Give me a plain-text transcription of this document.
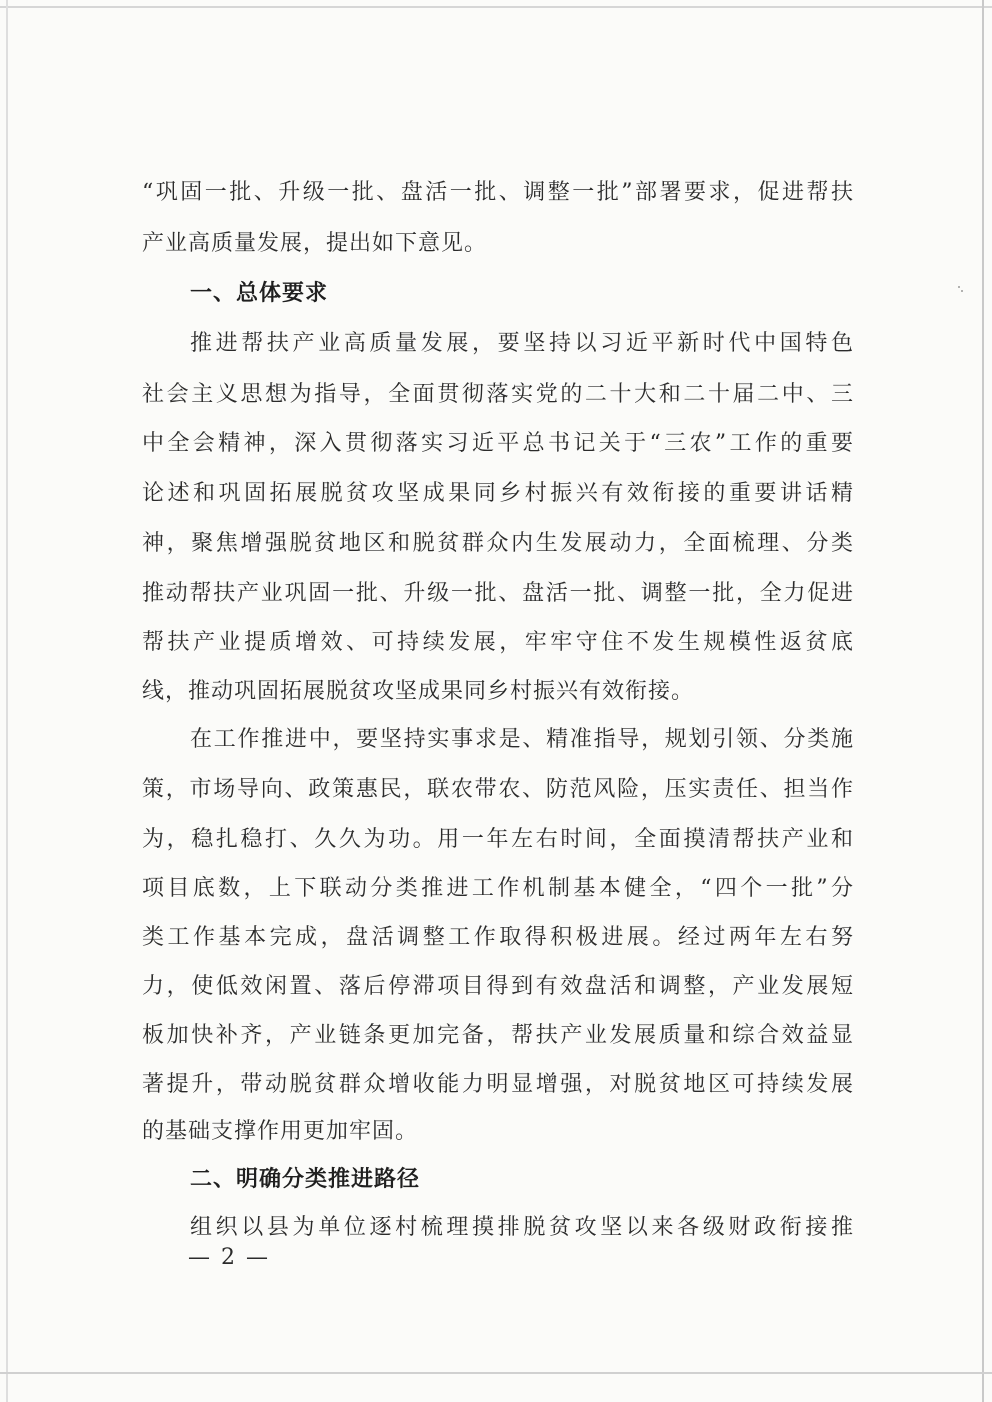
“巩固一批、升级一批、盘活一批、调整一批”部署要求，促进帮扶
产业高质量发展，提出如下意见。
一、总体要求
推进帮扶产业高质量发展，要坚持以习近平新时代中国特色
社会主义思想为指导，全面贯彻落实党的二十大和二十届二中、三
中全会精神，深入贯彻落实习近平总书记关于“三农”工作的重要
论述和巩固拓展脱贫攻坚成果同乡村振兴有效衔接的重要讲话精
神，聚焦增强脱贫地区和脱贫群众内生发展动力，全面梳理、分类
推动帮扶产业巩固一批、升级一批、盘活一批、调整一批，全力促进
帮扶产业提质增效、可持续发展，牢牢守住不发生规模性返贫底
线，推动巩固拓展脱贫攻坚成果同乡村振兴有效衔接。
在工作推进中，要坚持实事求是、精准指导，规划引领、分类施
策，市场导向、政策惠民，联农带农、防范风险，压实责任、担当作
为，稳扎稳打、久久为功。用一年左右时间，全面摸清帮扶产业和
项目底数，上下联动分类推进工作机制基本健全，“四个一批”分
类工作基本完成，盘活调整工作取得积极进展。经过两年左右努
力，使低效闲置、落后停滞项目得到有效盘活和调整，产业发展短
板加快补齐，产业链条更加完备，帮扶产业发展质量和综合效益显
著提升，带动脱贫群众增收能力明显增强，对脱贫地区可持续发展
的基础支撑作用更加牢固。
二、明确分类推进路径
组织以县为单位逐村梳理摸排脱贫攻坚以来各级财政衔接推
— 2 —
